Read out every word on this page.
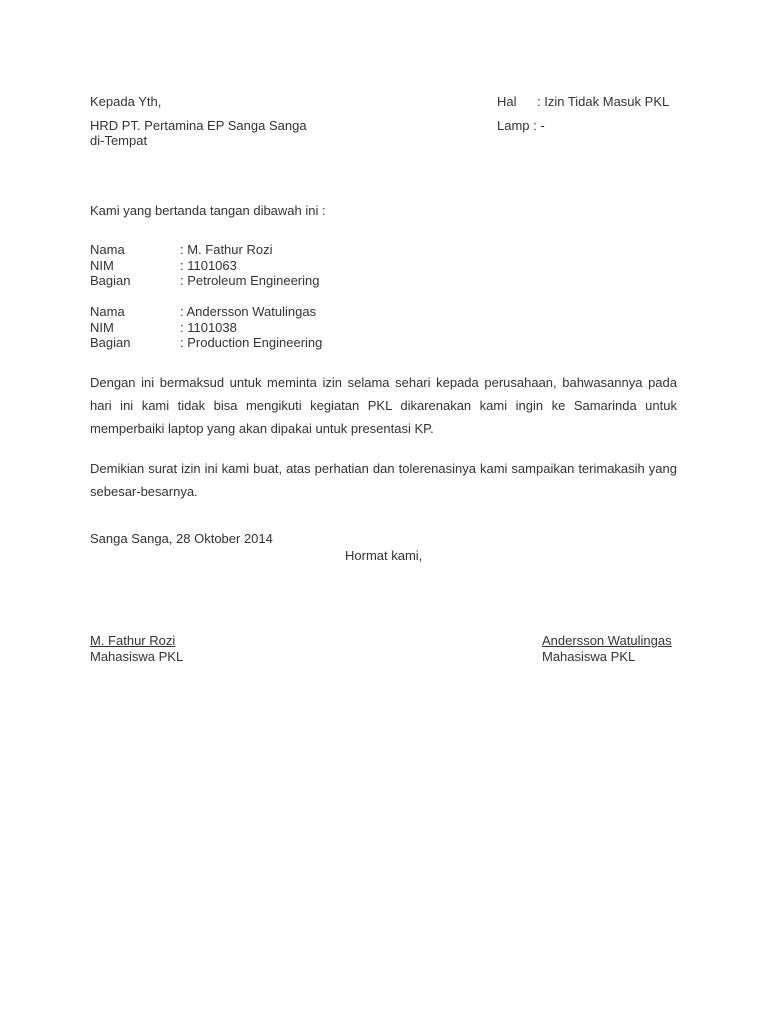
Kepada Yth,
HRD PT. Pertamina EP Sanga Sanga
di-Tempat
Hal : Izin Tidak Masuk PKL
Lamp : -
Kami yang bertanda tangan dibawah ini :
Nama	: M. Fathur Rozi
NIM	: 1101063
Bagian	: Petroleum Engineering
Nama	: Andersson Watulingas
NIM	: 1101038
Bagian	: Production Engineering
Dengan ini bermaksud untuk meminta izin selama sehari kepada perusahaan, bahwasannya pada hari ini kami tidak bisa mengikuti kegiatan PKL dikarenakan kami ingin ke Samarinda untuk memperbaiki laptop yang akan dipakai untuk presentasi KP.
Demikian surat izin ini kami buat, atas perhatian dan tolerenasinya kami sampaikan terimakasih yang sebesar-besarnya.
Sanga Sanga, 28 Oktober 2014
Hormat kami,
M. Fathur Rozi
Mahasiswa PKL
Andersson Watulingas
Mahasiswa PKL
